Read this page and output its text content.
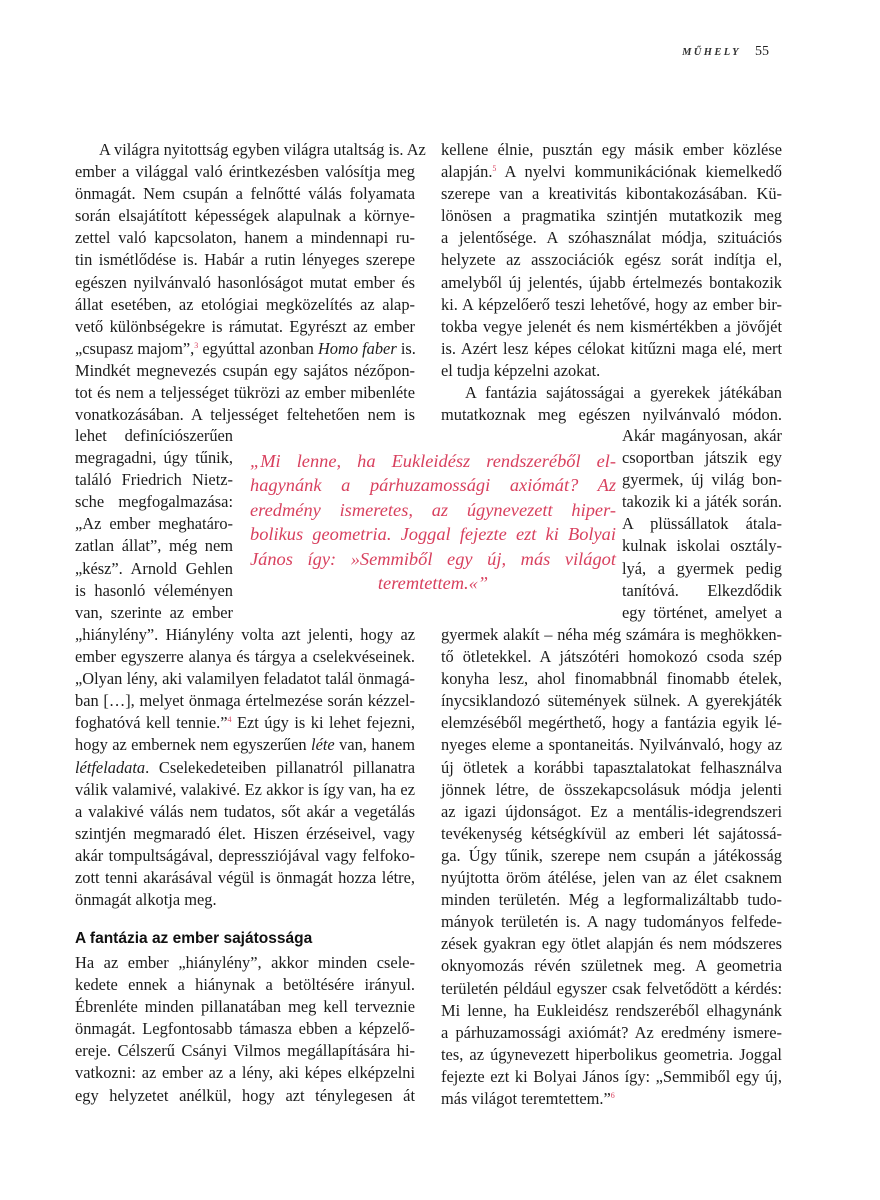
MŰHELY 55
A világra nyitottság egyben világra utaltság is. Az
ember a világgal való érintkezésben valósítja meg
önmagát. Nem csupán a felnőtté válás folyamata
során elsajátított képességek alapulnak a környe-
zettel való kapcsolaton, hanem a mindennapi ru-
tin ismétlődése is. Habár a rutin lényeges szerepe
egészen nyilvánvaló hasonlóságot mutat ember és
állat esetében, az etológiai megközelítés az alap-
vető különbségekre is rámutat. Egyrészt az ember
„csupasz majom”,$^3$ egyúttal azonban Homo faber is.
Mindkét megnevezés csupán egy sajátos nézőpon-
tot és nem a teljességet tükrözi az ember mibenléte
vonatkozásában. A teljességet feltehetően nem is
lehet definíciószerűen
megragadni, úgy tűnik,
találó Friedrich Nietz-
sche megfogalmazása:
„Az ember meghatáro-
zatlan állat”, még nem
„kész”. Arnold Gehlen
is hasonló véleményen
van, szerinte az ember
„Mi lenne, ha Eukleidész rendszeréből el-
hagynánk a párhuzamossági axiómát? Az
eredmény ismeretes, az úgynevezett hiper-
bolikus geometria. Joggal fejezte ezt ki Bolyai
János így: »Semmiből egy új, más világot
teremtettem.«”
„hiánylény”. Hiánylény volta azt jelenti, hogy az
ember egyszerre alanya és tárgya a cselekvéseinek.
„Olyan lény, aki valamilyen feladatot talál önmagá-
ban […], melyet önmaga értelmezése során kézzel-
foghatóvá kell tennie.”$^4$ Ezt úgy is ki lehet fejezni,
hogy az embernek nem egyszerűen léte van, hanem
létfeladata. Cselekedeteiben pillanatról pillanatra
válik valamivé, valakivé. Ez akkor is így van, ha ez
a valakivé válás nem tudatos, sőt akár a vegetálás
szintjén megmaradó élet. Hiszen érzéseivel, vagy
akár tompultságával, depressziójával vagy felfoko-
zott tenni akarásával végül is önmagát hozza létre,
önmagát alkotja meg.
A fantázia az ember sajátossága
Ha az ember „hiánylény”, akkor minden csele-
kedete ennek a hiánynak a betöltésére irányul.
Ébrenléte minden pillanatában meg kell terveznie
önmagát. Legfontosabb támasza ebben a képzelő-
ereje. Célszerű Csányi Vilmos megállapítására hi-
vatkozni: az ember az a lény, aki képes elképzelni
egy helyzetet anélkül, hogy azt ténylegesen át
kellene élnie, pusztán egy másik ember közlése
alapján.$^5$ A nyelvi kommunikációnak kiemelkedő
szerepe van a kreativitás kibontakozásában. Kü-
lönösen a pragmatika szintjén mutatkozik meg
a jelentősége. A szóhasználat módja, szituációs
helyzete az asszociációk egész sorát indítja el,
amelyből új jelentés, újabb értelmezés bontakozik
ki. A képzelőerő teszi lehetővé, hogy az ember bir-
tokba vegye jelenét és nem kismértékben a jövőjét
is. Azért lesz képes célokat kitűzni maga elé, mert
el tudja képzelni azokat.
A fantázia sajátosságai a gyerekek játékában
mutatkoznak meg egészen nyilvánvaló módon.
Akár magányosan, akár
csoportban játszik egy
gyermek, új világ bon-
takozik ki a játék során.
A plüssállatok átala-
kulnak iskolai osztály-
lyá, a gyermek pedig
tanítóvá. Elkezdődik
egy történet, amelyet a
gyermek alakít – néha még számára is meghökken-
tő ötletekkel. A játszótéri homokozó csoda szép
konyha lesz, ahol finomabbnál finomabb ételek,
ínycsiklandozó sütemények sülnek. A gyerekjáték
elemzéséből megérthető, hogy a fantázia egyik lé-
nyeges eleme a spontaneitás. Nyilvánvaló, hogy az
új ötletek a korábbi tapasztalatokat felhasználva
jönnek létre, de összekapcsolásuk módja jelenti
az igazi újdonságot. Ez a mentális-idegrendszeri
tevékenység kétségkívül az emberi lét sajátossá-
ga. Úgy tűnik, szerepe nem csupán a játékosság
nyújtotta öröm átélése, jelen van az élet csaknem
minden területén. Még a legformalizáltabb tudo-
mányok területén is. A nagy tudományos felfede-
zések gyakran egy ötlet alapján és nem módszeres
oknyomozás révén születnek meg. A geometria
területén például egyszer csak felvetődött a kérdés:
Mi lenne, ha Eukleidész rendszeréből elhagynánk
a párhuzamossági axiómát? Az eredmény ismere-
tes, az úgynevezett hiperbolikus geometria. Joggal
fejezte ezt ki Bolyai János így: „Semmiből egy új,
más világot teremtettem.”$^6$
